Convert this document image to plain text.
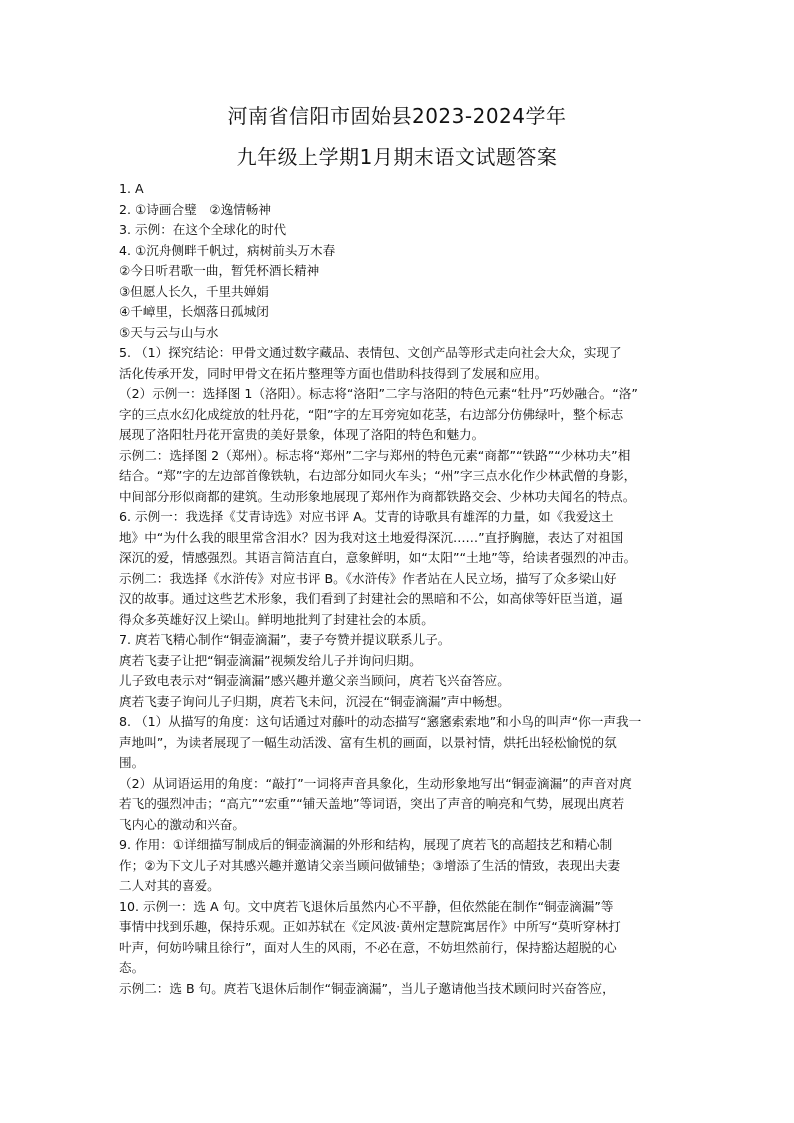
河南省信阳市固始县2023-2024学年
九年级上学期1月期末语文试题答案
1. A
2. ①诗画合璧　②逸情畅神
3. 示例：在这个全球化的时代
4. ①沉舟侧畔千帆过，病树前头万木春
②今日听君歌一曲，暂凭杯酒长精神
③但愿人长久，千里共婵娟
④千嶂里，长烟落日孤城闭
⑤天与云与山与水
5. （1）探究结论：甲骨文通过数字藏品、表情包、文创产品等形式走向社会大众，实现了
活化传承开发，同时甲骨文在拓片整理等方面也借助科技得到了发展和应用。
（2）示例一：选择图 1（洛阳）。标志将“洛阳”二字与洛阳的特色元素“牡丹”巧妙融合。“洛”
字的三点水幻化成绽放的牡丹花，“阳”字的左耳旁宛如花茎，右边部分仿佛绿叶，整个标志
展现了洛阳牡丹花开富贵的美好景象，体现了洛阳的特色和魅力。
示例二：选择图 2（郑州）。标志将“郑州”二字与郑州的特色元素“商都”“铁路”“少林功夫”相
结合。“郑”字的左边部首像铁轨，右边部分如同火车头；“州”字三点水化作少林武僧的身影，
中间部分形似商都的建筑。生动形象地展现了郑州作为商都铁路交会、少林功夫闻名的特点。
6. 示例一：我选择《艾青诗选》对应书评 A。艾青的诗歌具有雄浑的力量，如《我爱这土
地》中“为什么我的眼里常含泪水？因为我对这土地爱得深沉……”直抒胸臆，表达了对祖国
深沉的爱，情感强烈。其语言简洁直白，意象鲜明，如“太阳”“土地”等，给读者强烈的冲击。
示例二：我选择《水浒传》对应书评 B。《水浒传》作者站在人民立场，描写了众多梁山好
汉的故事。通过这些艺术形象，我们看到了封建社会的黑暗和不公，如高俅等奸臣当道，逼
得众多英雄好汉上梁山。鲜明地批判了封建社会的本质。
7. 庹若飞精心制作“铜壶滴漏”，妻子夸赞并提议联系儿子。
庹若飞妻子让把“铜壶滴漏”视频发给儿子并询问归期。
儿子致电表示对“铜壶滴漏”感兴趣并邀父亲当顾问，庹若飞兴奋答应。
庹若飞妻子询问儿子归期，庹若飞未问，沉浸在“铜壶滴漏”声中畅想。
8. （1）从描写的角度：这句话通过对藤叶的动态描写“窸窸索索地”和小鸟的叫声“你一声我一
声地叫”，为读者展现了一幅生动活泼、富有生机的画面，以景衬情，烘托出轻松愉悦的氛
围。
（2）从词语运用的角度：“敲打”一词将声音具象化，生动形象地写出“铜壶滴漏”的声音对庹
若飞的强烈冲击；“高亢”“宏重”“铺天盖地”等词语，突出了声音的响亮和气势，展现出庹若
飞内心的激动和兴奋。
9. 作用：①详细描写制成后的铜壶滴漏的外形和结构，展现了庹若飞的高超技艺和精心制
作；②为下文儿子对其感兴趣并邀请父亲当顾问做铺垫；③增添了生活的情致，表现出夫妻
二人对其的喜爱。
10. 示例一：选 A 句。文中庹若飞退休后虽然内心不平静，但依然能在制作“铜壶滴漏”等
事情中找到乐趣，保持乐观。正如苏轼在《定风波·黄州定慧院寓居作》中所写“莫听穿林打
叶声，何妨吟啸且徐行”，面对人生的风雨，不必在意，不妨坦然前行，保持豁达超脱的心
态。
示例二：选 B 句。庹若飞退休后制作“铜壶滴漏”，当儿子邀请他当技术顾问时兴奋答应，
